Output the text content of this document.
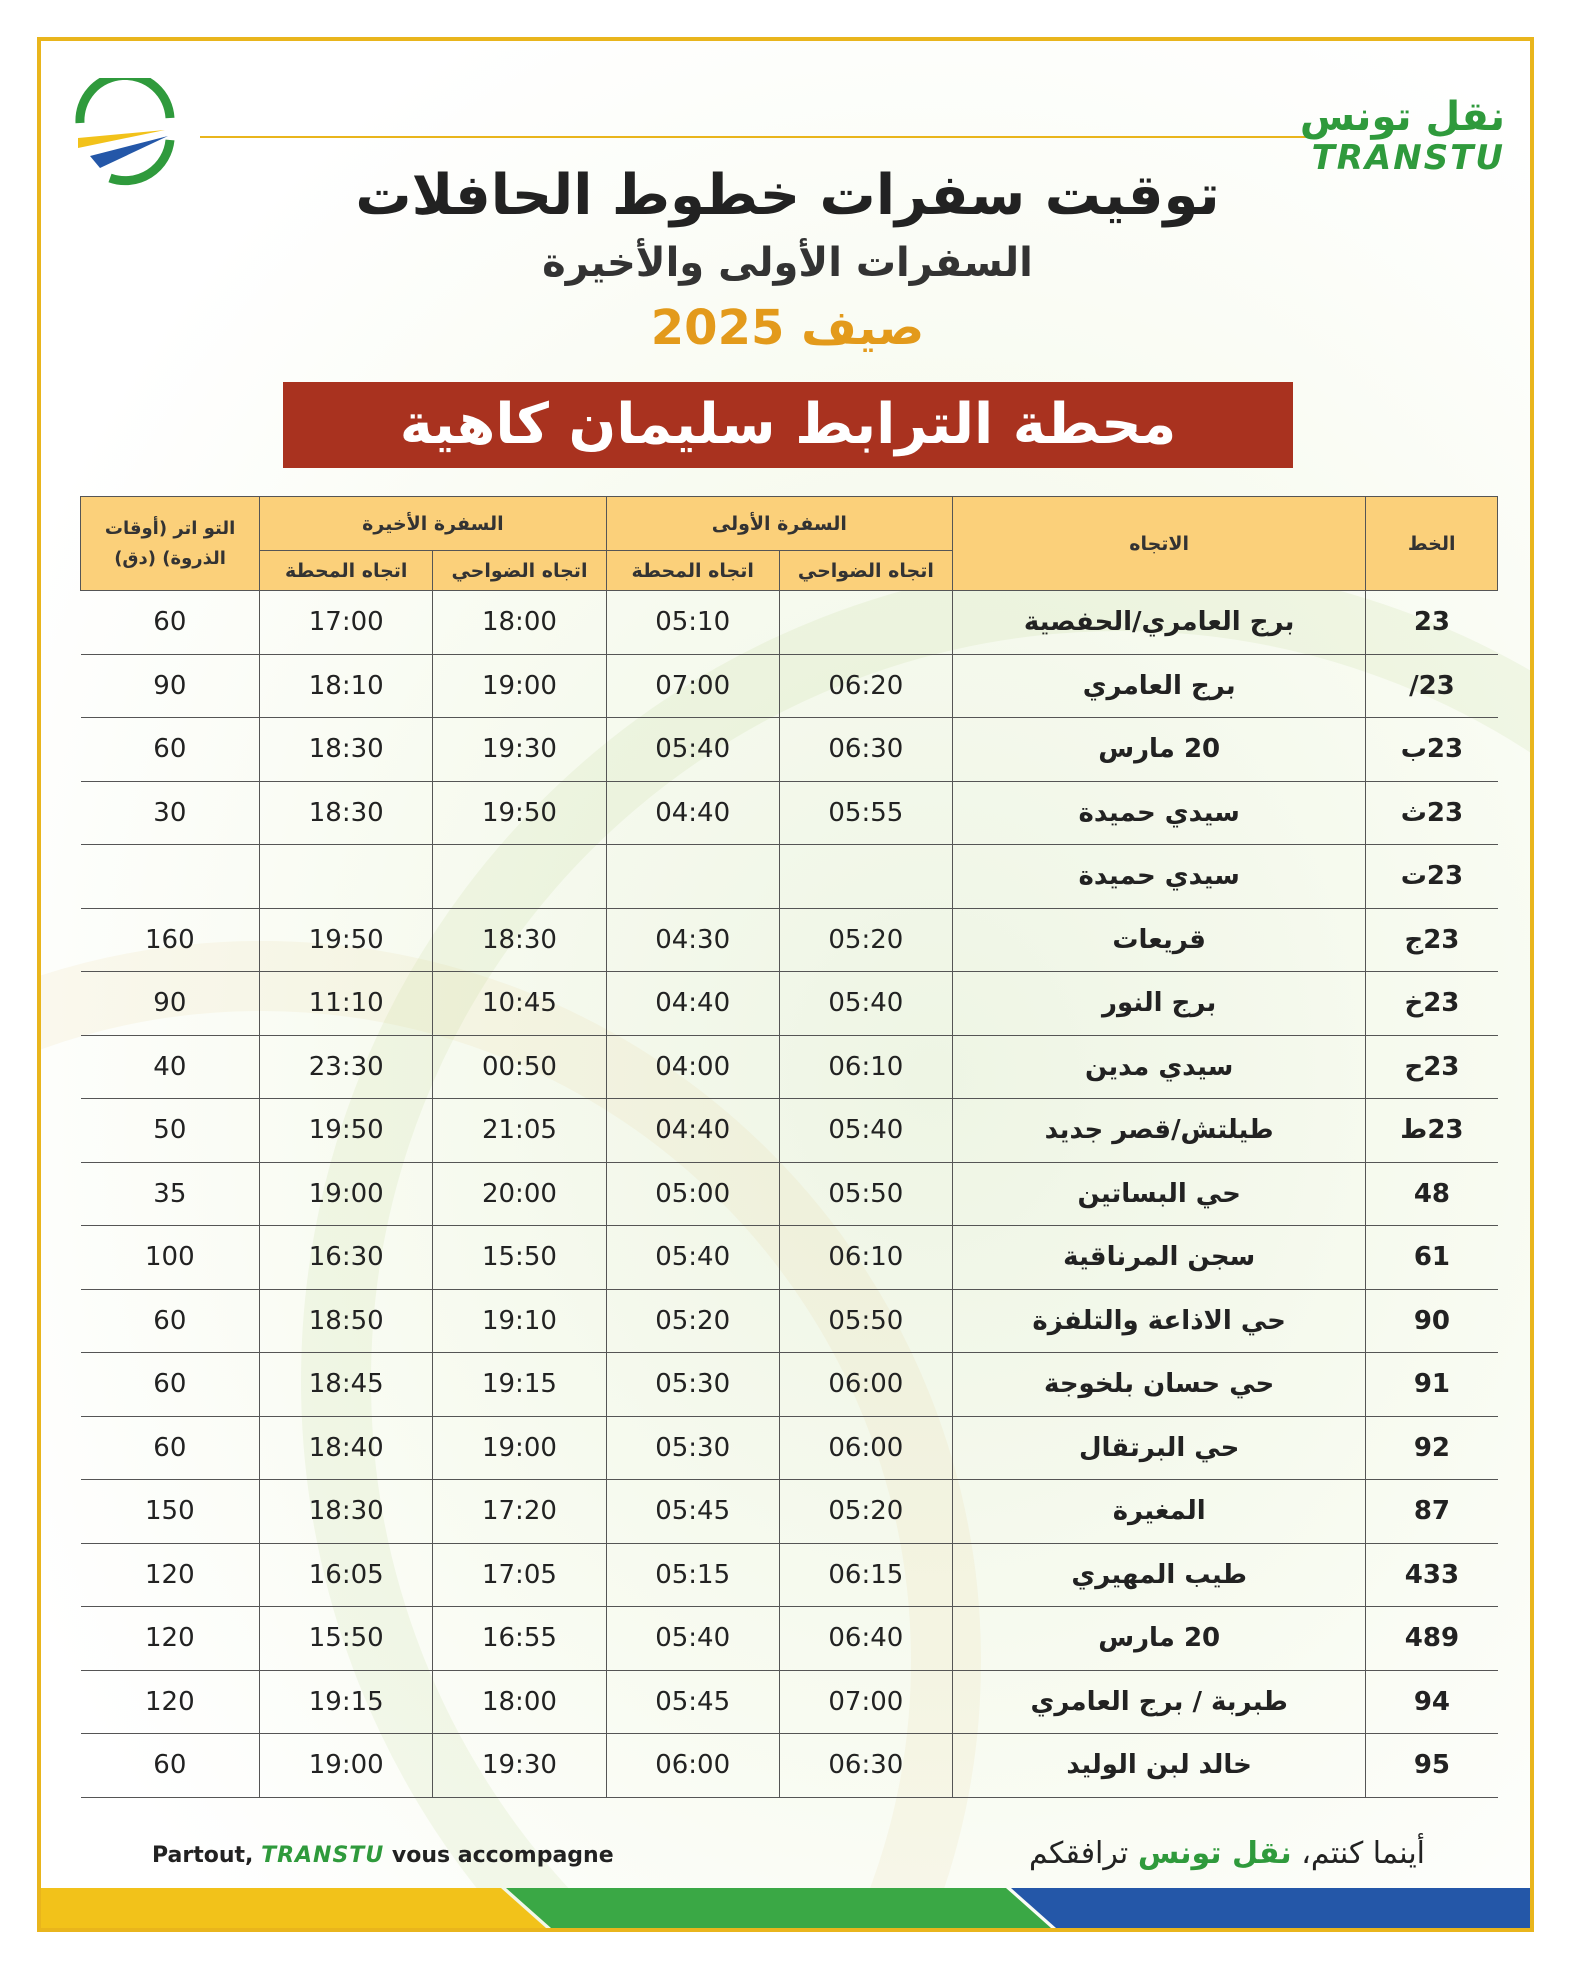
نقل تونس
TRANSTU
توقيت سفرات خطوط الحافلات
السفرات الأولى والأخيرة
صيف 2025
محطة الترابط سليمان كاهية
الخط	الاتجاه	السفرة الأولى		السفرة الأخيرة		التو اتر (أوقات الذروة) (دق)
		اتجاه الضواحي	اتجاه المحطة	اتجاه الضواحي	اتجاه المحطة	
23	برج العامري/الحفصية		05:10	18:00	17:00	60
23/	برج العامري	06:20	07:00	19:00	18:10	90
23ب	20 مارس	06:30	05:40	19:30	18:30	60
23ث	سيدي حميدة	05:55	04:40	19:50	18:30	30
23ت	سيدي حميدة					
23ج	قريعات	05:20	04:30	18:30	19:50	160
23خ	برج النور	05:40	04:40	10:45	11:10	90
23ح	سيدي مدين	06:10	04:00	00:50	23:30	40
23ط	طيلتش/قصر جديد	05:40	04:40	21:05	19:50	50
48	حي البساتين	05:50	05:00	20:00	19:00	35
61	سجن المرناقية	06:10	05:40	15:50	16:30	100
90	حي الاذاعة والتلفزة	05:50	05:20	19:10	18:50	60
91	حي حسان بلخوجة	06:00	05:30	19:15	18:45	60
92	حي البرتقال	06:00	05:30	19:00	18:40	60
87	المغيرة	05:20	05:45	17:20	18:30	150
433	طيب المهيري	06:15	05:15	17:05	16:05	120
489	20 مارس	06:40	05:40	16:55	15:50	120
94	طبربة / برج العامري	07:00	05:45	18:00	19:15	120
95	خالد لبن الوليد	06:30	06:00	19:30	19:00	60
Partout, TRANSTU vous accompagne	أينما كنتم، نقل تونس ترافقكم
